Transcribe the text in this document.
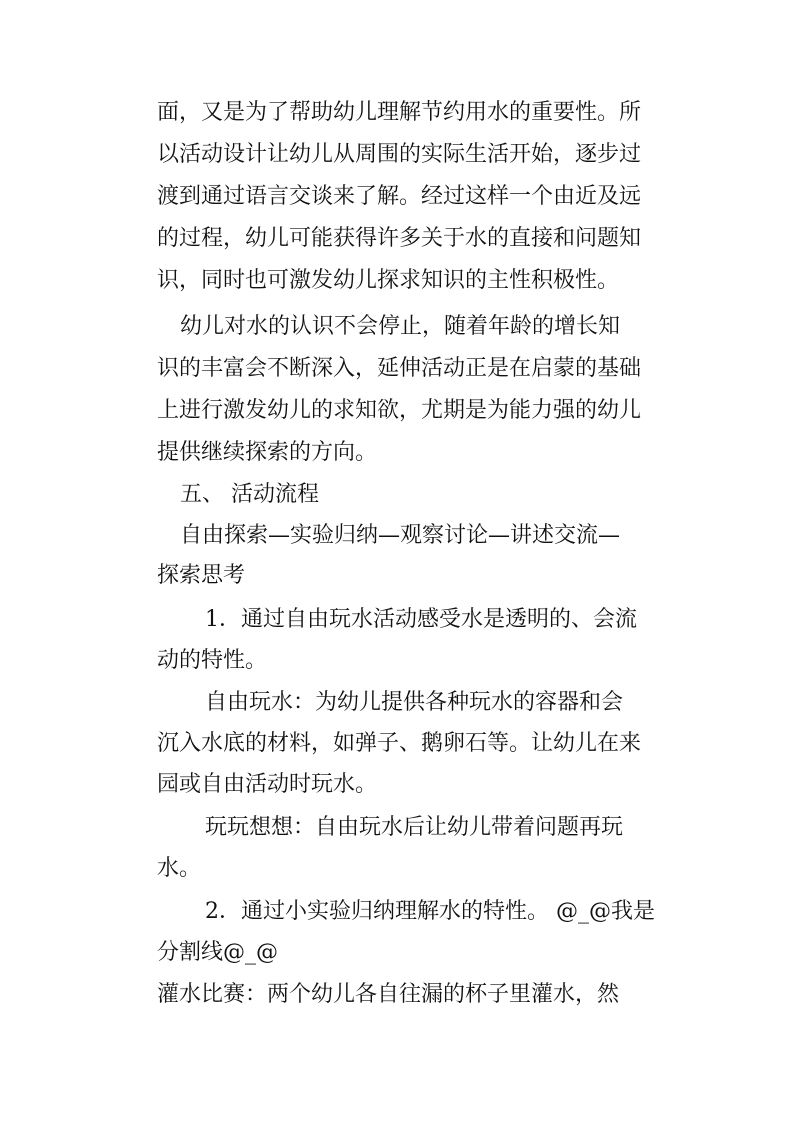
面，又是为了帮助幼儿理解节约用水的重要性。所
以活动设计让幼儿从周围的实际生活开始，逐步过
渡到通过语言交谈来了解。经过这样一个由近及远
的过程，幼儿可能获得许多关于水的直接和问题知
识，同时也可激发幼儿探求知识的主性积极性。
幼儿对水的认识不会停止，随着年龄的增长知
识的丰富会不断深入，延伸活动正是在启蒙的基础
上进行激发幼儿的求知欲，尤期是为能力强的幼儿
提供继续探索的方向。
五、 活动流程
自由探索—实验归纳—观察讨论—讲述交流—
探索思考
1．通过自由玩水活动感受水是透明的、会流
动的特性。
自由玩水：为幼儿提供各种玩水的容器和会
沉入水底的材料，如弹子、鹅卵石等。让幼儿在来
园或自由活动时玩水。
玩玩想想：自由玩水后让幼儿带着问题再玩
水。
2．通过小实验归纳理解水的特性。 @_@我是
分割线@_@
灌水比赛：两个幼儿各自往漏的杯子里灌水，然
